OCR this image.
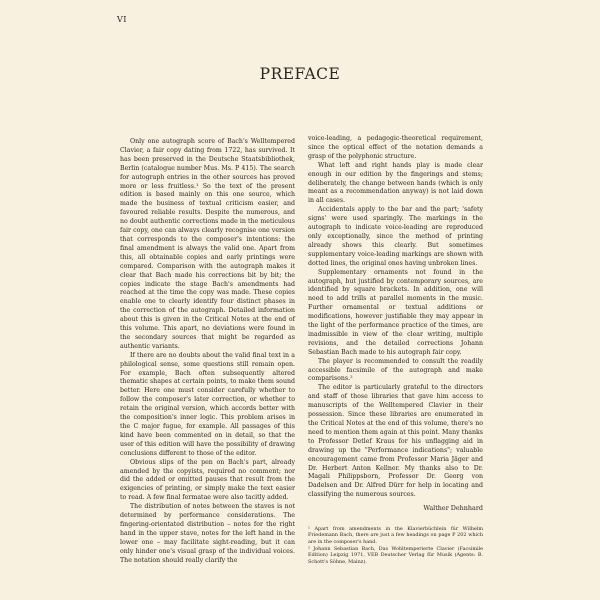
VI
PREFACE

Only one autograph score of Bach's Welltempered Clavier, a fair copy dating from 1722, has survived. It has been preserved in the Deutsche Staatsbibliothek, Berlin (catalogue number Mus. Ms. P 415). The search for autograph entries in the other sources has proved more or less fruitless.¹ So the text of the present edition is based mainly on this one source, which made the business of textual criticism easier, and favoured reliable results. Despite the numerous, and no doubt authentic corrections made in the meticulous fair copy, one can always clearly recognise one version that corresponds to the composer's intentions: the final amendment is always the valid one. Apart from this, all obtainable copies and early printings were compared. Comparison with the autograph makes it clear that Bach made his corrections bit by bit; the copies indicate the stage Bach's amendments had reached at the time the copy was made. These copies enable one to clearly identify four distinct phases in the correction of the autograph. Detailed information about this is given in the Critical Notes at the end of this volume. This apart, no deviations were found in the secondary sources that might be regarded as authentic variants.

If there are no doubts about the valid final text in a philological sense, some questions still remain open. For example, Bach often subsequently altered thematic shapes at certain points, to make them sound better. Here one must consider carefully whether to follow the composer's later correction, or whether to retain the original version, which accords better with the composition's inner logic. This problem arises in the C major fugue, for example. All passages of this kind have been commented on in detail, so that the user of this edition will have the possibility of drawing conclusions different to those of the editor.

Obvious slips of the pen on Bach's part, already amended by the copyists, required no comment; nor did the added or omitted pauses that result from the exigencies of printing, or simply make the text easier to read. A few final fermatae were also tacitly added.

The distribution of notes between the staves is not determined by performance considerations. The fingering-orientated distribution – notes for the right hand in the upper stave, notes for the left hand in the lower one – may facilitate sight-reading, but it can only hinder one's visual grasp of the individual voices. The notation should really clarify the

voice-leading, a pedagogic-theoretical requirement, since the optical effect of the notation demands a grasp of the polyphonic structure.

What left and right hands play is made clear enough in our edition by the fingerings and stems; deliberately, the change between hands (which is only meant as a recommendation anyway) is not laid down in all cases.

Accidentals apply to the bar and the part; 'safety signs' were used sparingly. The markings in the autograph to indicate voice-leading are reproduced only exceptionally, since the method of printing already shows this clearly. But sometimes supplementary voice-leading markings are shown with dotted lines, the original ones having unbroken lines.

Supplementary ornaments not found in the autograph, but justified by contemporary sources, are identified by square brackets. In addition, one will need to add trills at parallel moments in the music. Further ornamental or textual additions or modifications, however justifiable they may appear in the light of the performance practice of the times, are inadmissible in view of the clear writing, multiple revisions, and the detailed corrections Johann Sebastian Bach made to his autograph fair copy.

The player is recommended to consult the readily accessible facsimile of the autograph and make comparisons.²

The editor is particularly grateful to the directors and staff of those libraries that gave him access to manuscripts of the Welltempered Clavier in their possession. Since these libraries are enumerated in the Critical Notes at the end of this volume, there's no need to mention them again at this point. Many thanks to Professor Detlef Kraus for his unflagging aid in drawing up the "Performance indications"; valuable encouragement came from Professor Maria Jäger and Dr. Herbert Anton Kellner. My thanks also to Dr. Magali Philippsborn, Professor Dr. Georg von Dadelsen and Dr. Alfred Dürr for help in locating and classifying the numerous sources.

Walther Dehnhard

¹ Apart from amendments in the Klavierbüchlein für Wilhelm Friedemann Bach, there are just a few headings on page P 202 which are in the composer's hand.

² Johann Sebastian Bach, Das Wohltemperierte Clavier (Facsimile Edition) Leipzig 1971, VEB Deutscher Verlag für Musik (Agents: B. Schott's Söhne, Mainz).
